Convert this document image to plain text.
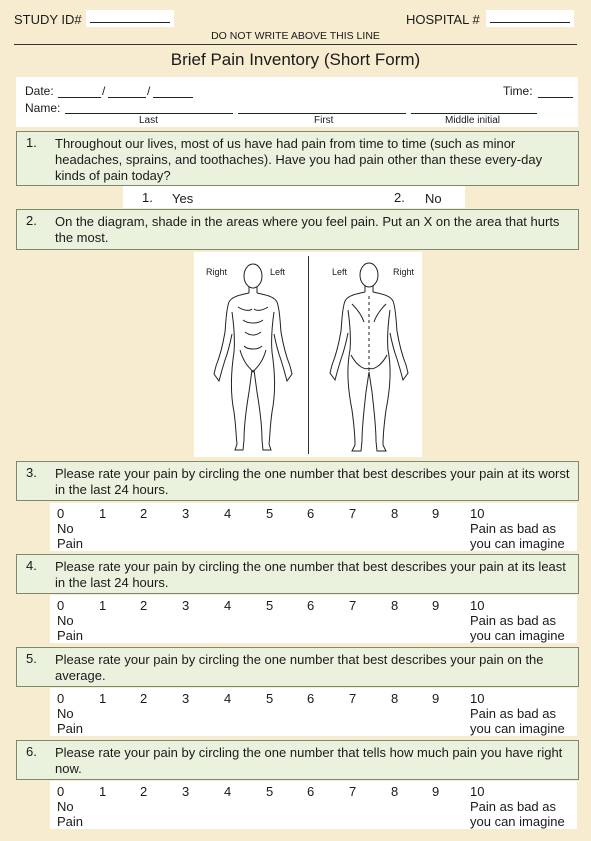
STUDY ID#	HOSPITAL #
DO NOT WRITE ABOVE THIS LINE
Brief Pain Inventory (Short Form)
Date:	/	/	Time:
Name:
Last	First	Middle initial
1. Throughout our lives, most of us have had pain from time to time (such as minor headaches, sprains, and toothaches). Have you had pain other than these every-day kinds of pain today?
1. Yes	2. No
2. On the diagram, shade in the areas where you feel pain. Put an X on the area that hurts the most.
Right	Left	Left	Right
3. Please rate your pain by circling the one number that best describes your pain at its worst in the last 24 hours.
0	1	2	3	4	5	6	7	8	9 10
No
Pain
Pain as bad as
you can imagine
4. Please rate your pain by circling the one number that best describes your pain at its least in the last 24 hours.
0	1	2	3	4	5	6	7	8	9 10
No
Pain
Pain as bad as
you can imagine
5. Please rate your pain by circling the one number that best describes your pain on the average.
0	1	2	3	4	5	6	7	8	9 10
No
Pain
Pain as bad as
you can imagine
6. Please rate your pain by circling the one number that tells how much pain you have right now.
0	1	2	3	4	5	6	7	8	9 10
No
Pain
Pain as bad as
you can imagine
